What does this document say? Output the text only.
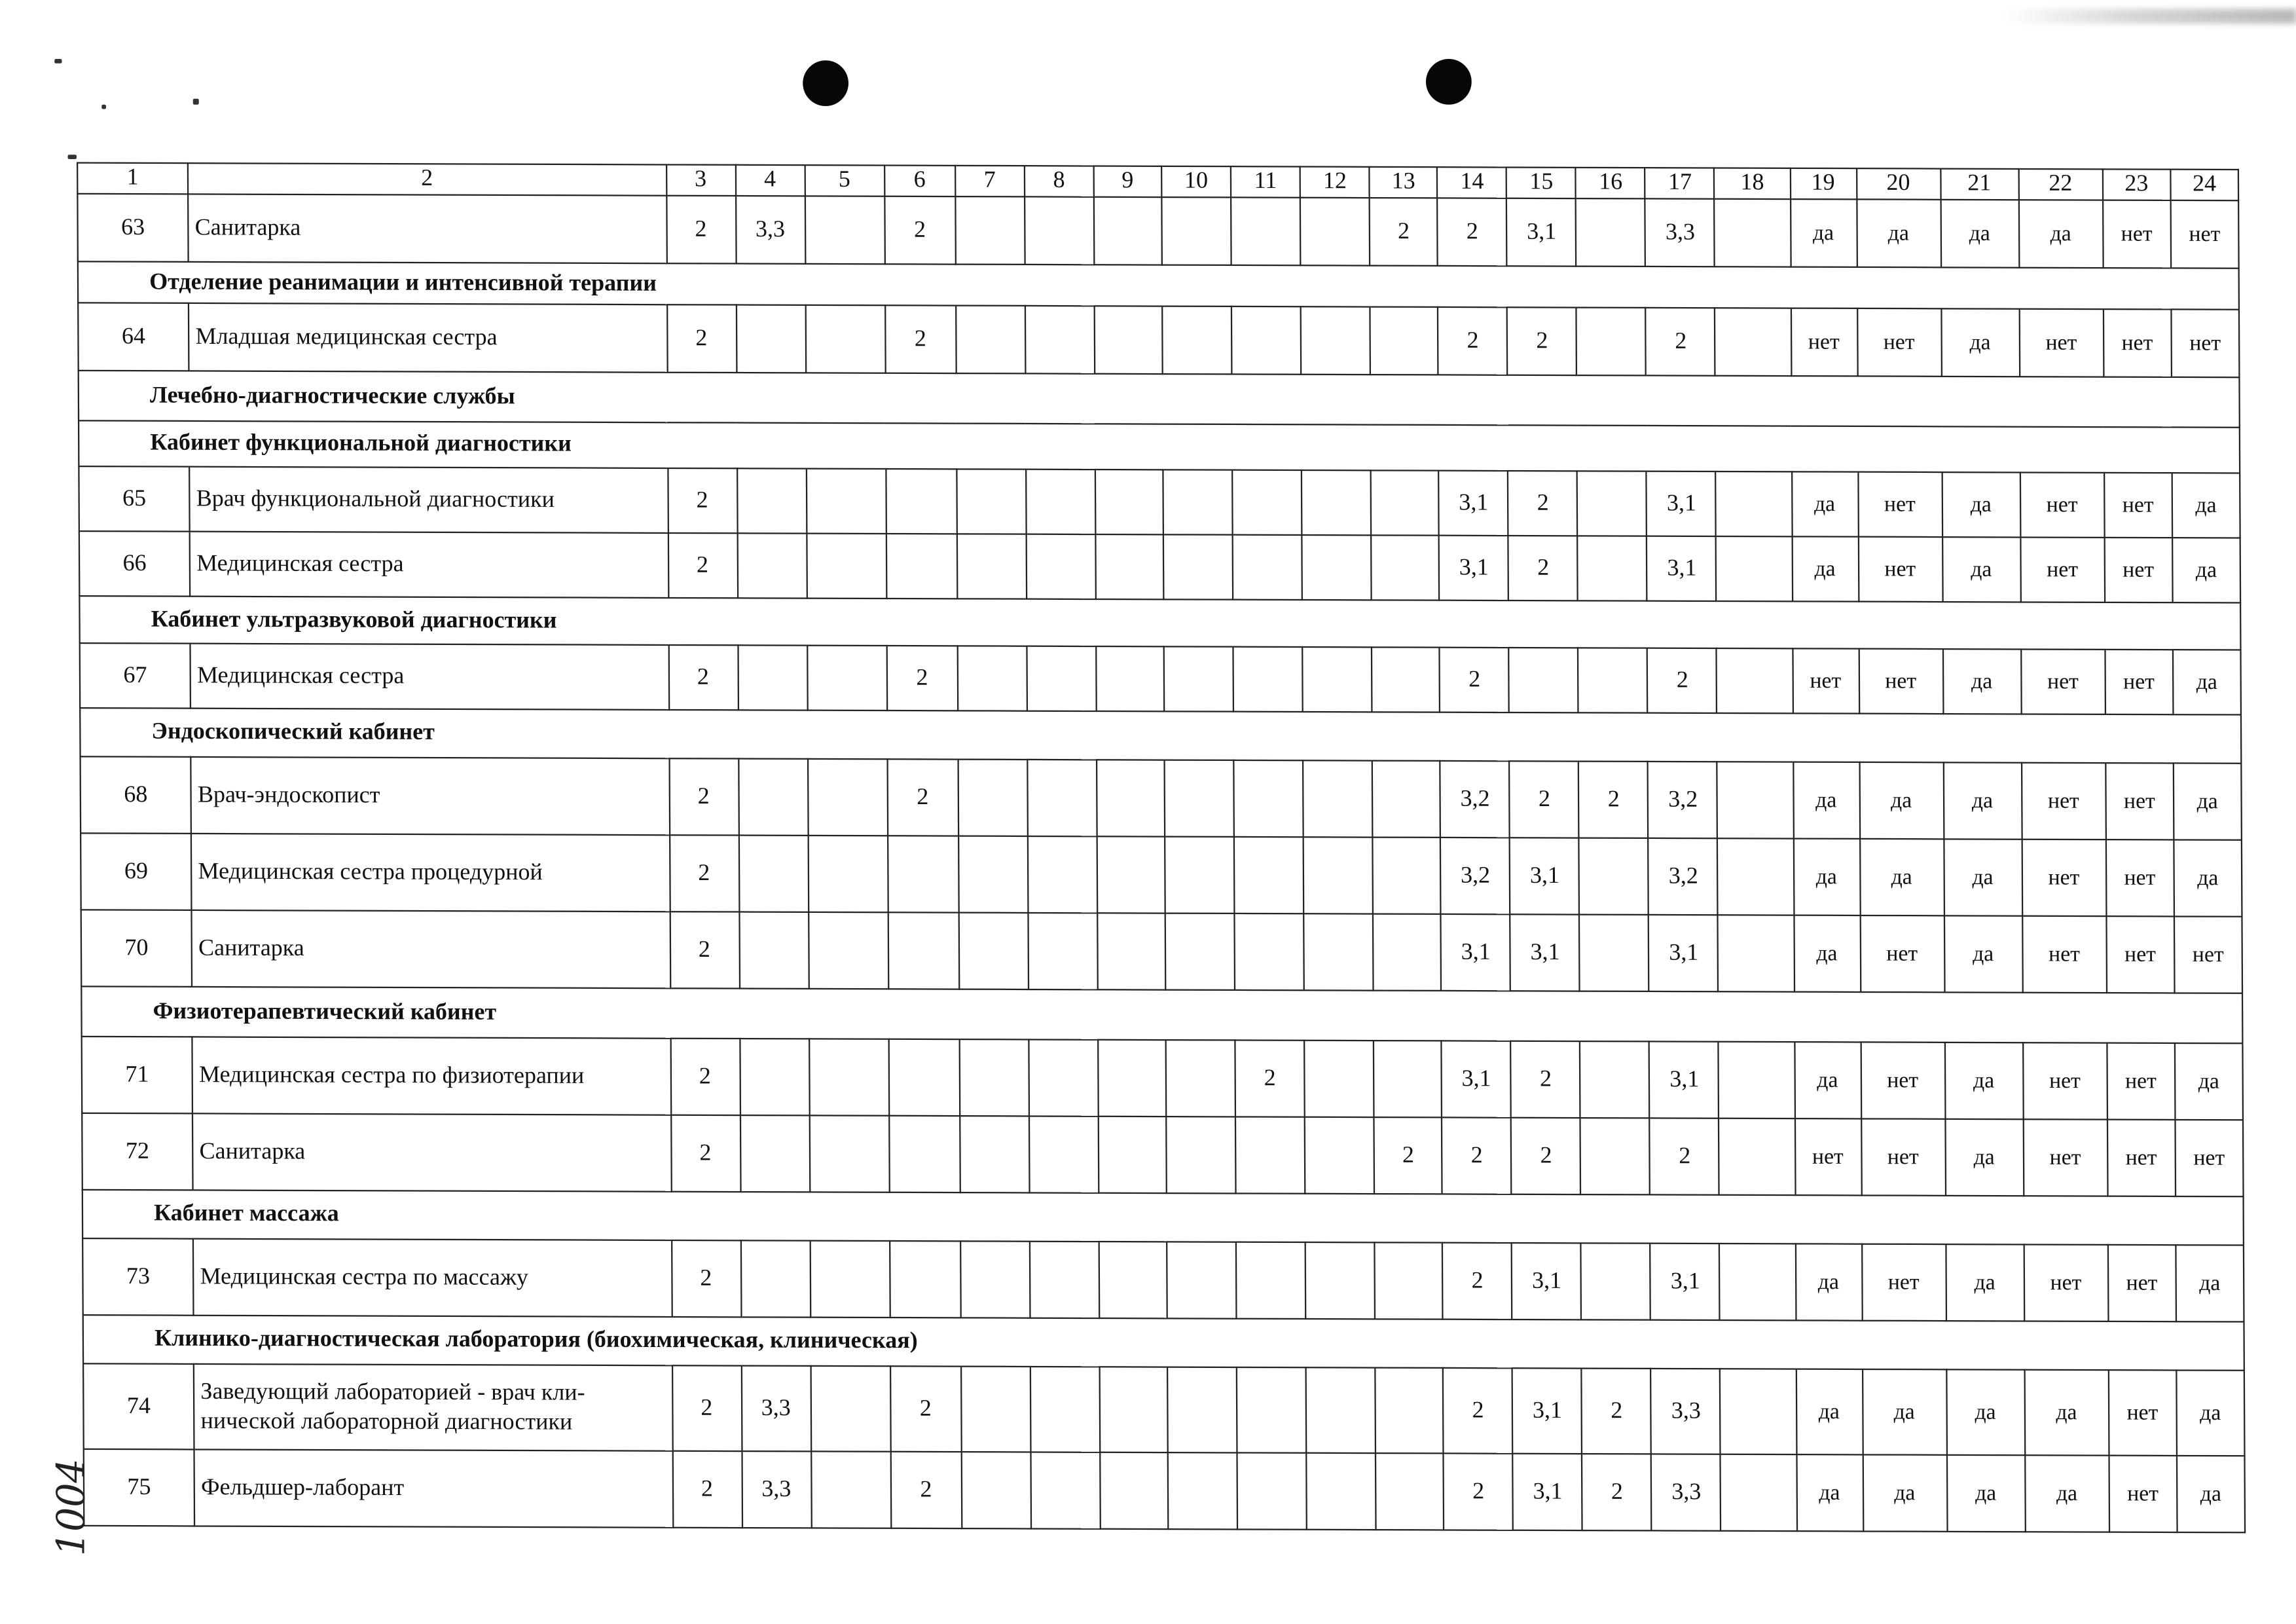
1	2	3	4	5	6	7	8	9	10	11	12	13	14	15	16	17	18	19	20	21	22	23	24
63	Санитарка	2	3,3		2							2	2	3,1		3,3		да	да	да	да	нет	нет
Отделение реанимации и интенсивной терапии																							
64	Младшая медицинская сестра	2			2								2	2		2		нет	нет	да	нет	нет	нет
Лечебно-диагностические службы																							
Кабинет функциональной диагностики																							
65	Врач функциональной диагностики	2											3,1	2		3,1		да	нет	да	нет	нет	да
66	Медицинская сестра	2											3,1	2		3,1		да	нет	да	нет	нет	да
Кабинет ультразвуковой диагностики																							
67	Медицинская сестра	2			2								2			2		нет	нет	да	нет	нет	да
Эндоскопический кабинет																							
68	Врач-эндоскопист	2			2								3,2	2	2	3,2		да	да	да	нет	нет	да
69	Медицинская сестра процедурной	2											3,2	3,1		3,2		да	да	да	нет	нет	да
70	Санитарка	2											3,1	3,1		3,1		да	нет	да	нет	нет	нет
Физиотерапевтический кабинет																							
71	Медицинская сестра по физиотерапии	2								2			3,1	2		3,1		да	нет	да	нет	нет	да
72	Санитарка	2										2	2	2		2		нет	нет	да	нет	нет	нет
Кабинет массажа																							
73	Медицинская сестра по массажу	2											2	3,1		3,1		да	нет	да	нет	нет	да
Клинико-диагностическая лаборатория (биохимическая, клиническая)																							
74	Заведующий лабораторией - врач кли-ническoй лабораторной диагностики	2	3,3		2								2	3,1	2	3,3		да	да	да	да	нет	да
75	Фельдшер-лаборант	2	3,3		2								2	3,1	2	3,3		да	да	да	да	нет	да
1004
